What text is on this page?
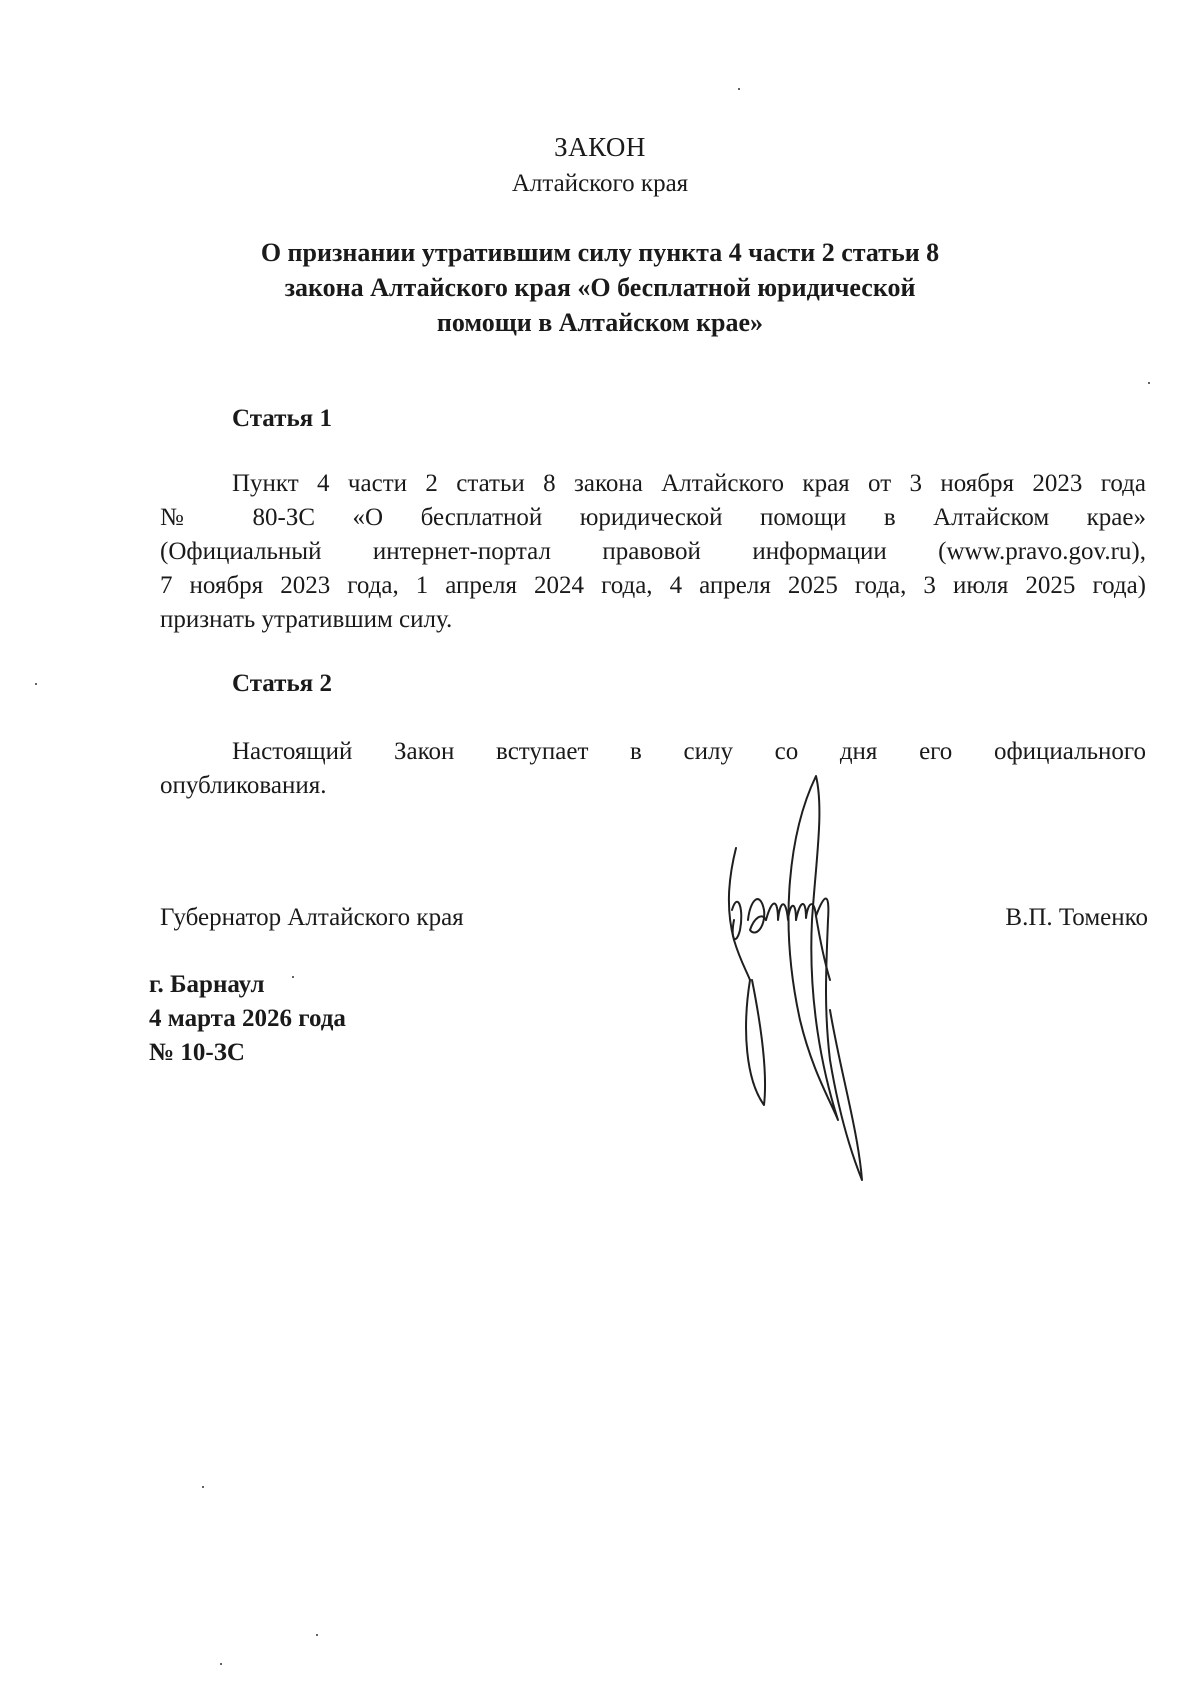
ЗАКОН
Алтайского края
О признании утратившим силу пункта 4 части 2 статьи 8
закона Алтайского края «О бесплатной юридической
помощи в Алтайском крае»
Статья 1
Пункт 4 части 2 статьи 8 закона Алтайского края от 3 ноября 2023 года
№ 80-ЗС «О бесплатной юридической помощи в Алтайском крае»
(Официальный интернет-портал правовой информации (www.pravo.gov.ru),
7 ноября 2023 года, 1 апреля 2024 года, 4 апреля 2025 года, 3 июля 2025 года)
признать утратившим силу.
Статья 2
Настоящий Закон вступает в силу со дня его официального
опубликования.
Губернатор Алтайского края	В.П. Томенко
г. Барнаул
4 марта 2026 года
№ 10-ЗС
